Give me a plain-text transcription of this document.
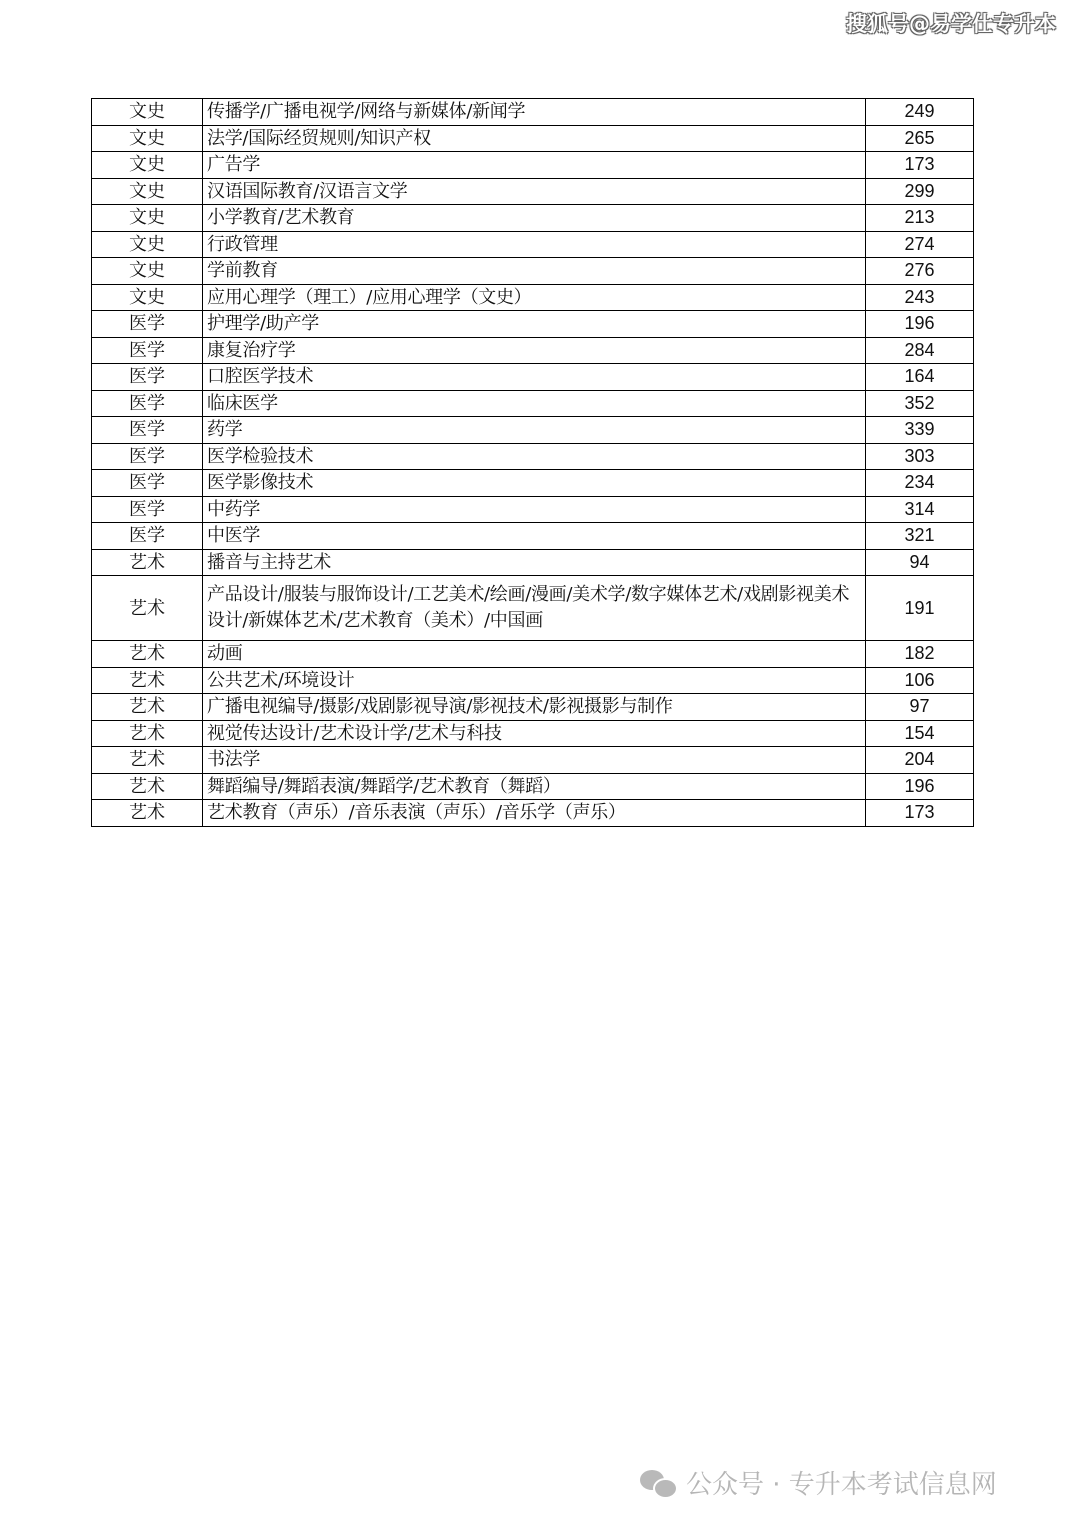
搜狐号@易学仕专升本
文史	传播学/广播电视学/网络与新媒体/新闻学	249
文史	法学/国际经贸规则/知识产权	265
文史	广告学	173
文史	汉语国际教育/汉语言文学	299
文史	小学教育/艺术教育	213
文史	行政管理	274
文史	学前教育	276
文史	应用心理学（理工）/应用心理学（文史）	243
医学	护理学/助产学	196
医学	康复治疗学	284
医学	口腔医学技术	164
医学	临床医学	352
医学	药学	339
医学	医学检验技术	303
医学	医学影像技术	234
医学	中药学	314
医学	中医学	321
艺术	播音与主持艺术	94
艺术	产品设计/服装与服饰设计/工艺美术/绘画/漫画/美术学/数字媒体艺术/戏剧影视美术设计/新媒体艺术/艺术教育（美术）/中国画	191
艺术	动画	182
艺术	公共艺术/环境设计	106
艺术	广播电视编导/摄影/戏剧影视导演/影视技术/影视摄影与制作	97
艺术	视觉传达设计/艺术设计学/艺术与科技	154
艺术	书法学	204
艺术	舞蹈编导/舞蹈表演/舞蹈学/艺术教育（舞蹈）	196
艺术	艺术教育（声乐）/音乐表演（声乐）/音乐学（声乐）	173
公众号 · 专升本考试信息网
